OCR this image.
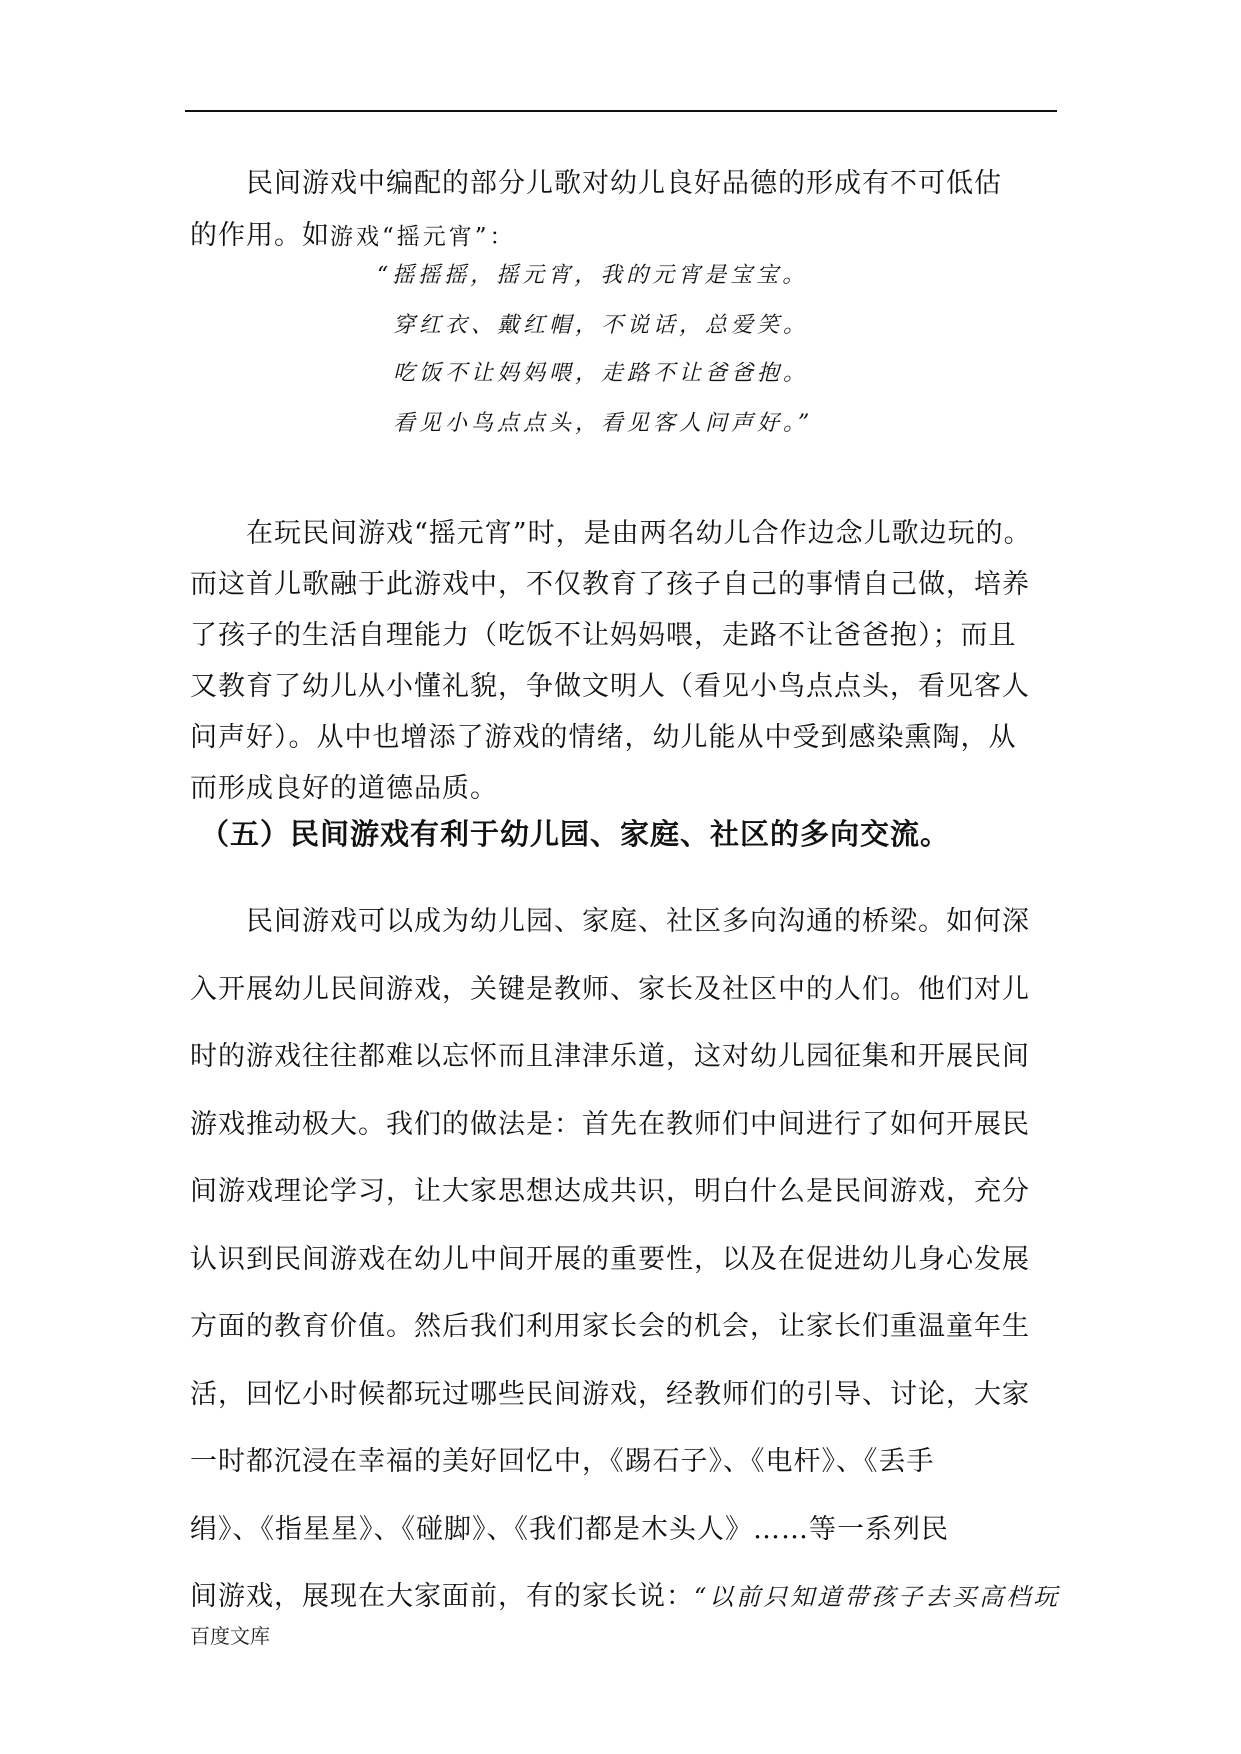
民间游戏中编配的部分儿歌对幼儿良好品德的形成有不可低估
的作用。如游戏“摇元宵”：
“摇摇摇，摇元宵，我的元宵是宝宝。
穿红衣、戴红帽，不说话，总爱笑。
吃饭不让妈妈喂，走路不让爸爸抱。
看见小鸟点点头，看见客人问声好。”
在玩民间游戏“摇元宵”时，是由两名幼儿合作边念儿歌边玩的。
而这首儿歌融于此游戏中，不仅教育了孩子自己的事情自己做，培养
了孩子的生活自理能力（吃饭不让妈妈喂，走路不让爸爸抱）；而且
又教育了幼儿从小懂礼貌，争做文明人（看见小鸟点点头，看见客人
问声好）。从中也增添了游戏的情绪，幼儿能从中受到感染熏陶，从
而形成良好的道德品质。
（五）民间游戏有利于幼儿园、家庭、社区的多向交流。
民间游戏可以成为幼儿园、家庭、社区多向沟通的桥梁。如何深
入开展幼儿民间游戏，关键是教师、家长及社区中的人们。他们对儿
时的游戏往往都难以忘怀而且津津乐道，这对幼儿园征集和开展民间
游戏推动极大。我们的做法是：首先在教师们中间进行了如何开展民
间游戏理论学习，让大家思想达成共识，明白什么是民间游戏，充分
认识到民间游戏在幼儿中间开展的重要性，以及在促进幼儿身心发展
方面的教育价值。然后我们利用家长会的机会，让家长们重温童年生
活，回忆小时候都玩过哪些民间游戏，经教师们的引导、讨论，大家
一时都沉浸在幸福的美好回忆中，《踢石子》、《电杆》、《丢手
绢》、《指星星》、《碰脚》、《我们都是木头人》……等一系列民
间游戏，展现在大家面前，有的家长说：“以前只知道带孩子去买高档玩
百度文库
